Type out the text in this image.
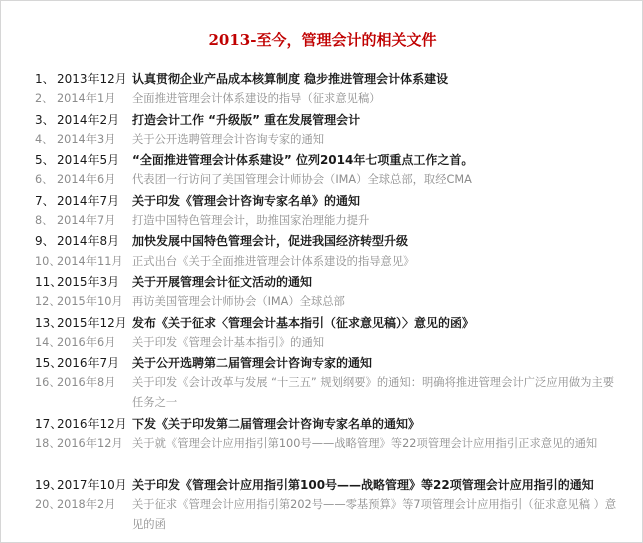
2013-至今，管理会计的相关文件
1、 2013年12月 认真贯彻企业产品成本核算制度 稳步推进管理会计体系建设
2、 2014年1月 全面推进管理会计体系建设的指导（征求意见稿）
3、 2014年2月 打造会计工作 “升级版” 重在发展管理会计
4、 2014年3月 关于公开选聘管理会计咨询专家的通知
5、 2014年5月 “全面推进管理会计体系建设” 位列2014年七项重点工作之首。
6、 2014年6月 代表团一行访问了美国管理会计师协会（IMA）全球总部，取经CMA
7、 2014年7月 关于印发《管理会计咨询专家名单》的通知
8、 2014年7月 打造中国特色管理会计，助推国家治理能力提升
9、 2014年8月 加快发展中国特色管理会计，促进我国经济转型升级
10、
2014年11月 正式出台《关于全面推进管理会计体系建设的指导意见》
11、
2015年3月 关于开展管理会计征文活动的通知
12、
2015年10月 再访美国管理会计师协会（IMA）全球总部
13、
2015年12月 发布《关于征求〈管理会计基本指引（征求意见稿）〉意见的函》
14、
2016年6月 关于印发《管理会计基本指引》的通知
15、
2016年7月 关于公开选聘第二届管理会计咨询专家的通知
16、
2016年8月 关于印发《会计改革与发展 “十三五” 规划纲要》的通知：明确将推进管理会计广泛应用做为主要任务之一
17、
2016年12月 下发《关于印发第二届管理会计咨询专家名单的通知》
18、
2016年12月 关于就《管理会计应用指引第100号——战略管理》等22项管理会计应用指引正求意见的通知
19、
2017年10月 关于印发《管理会计应用指引第100号——战略管理》等22项管理会计应用指引的通知
20、
2018年2月 关于征求《管理会计应用指引第202号——零基预算》等7项管理会计应用指引（征求意见稿 ）意见的函
